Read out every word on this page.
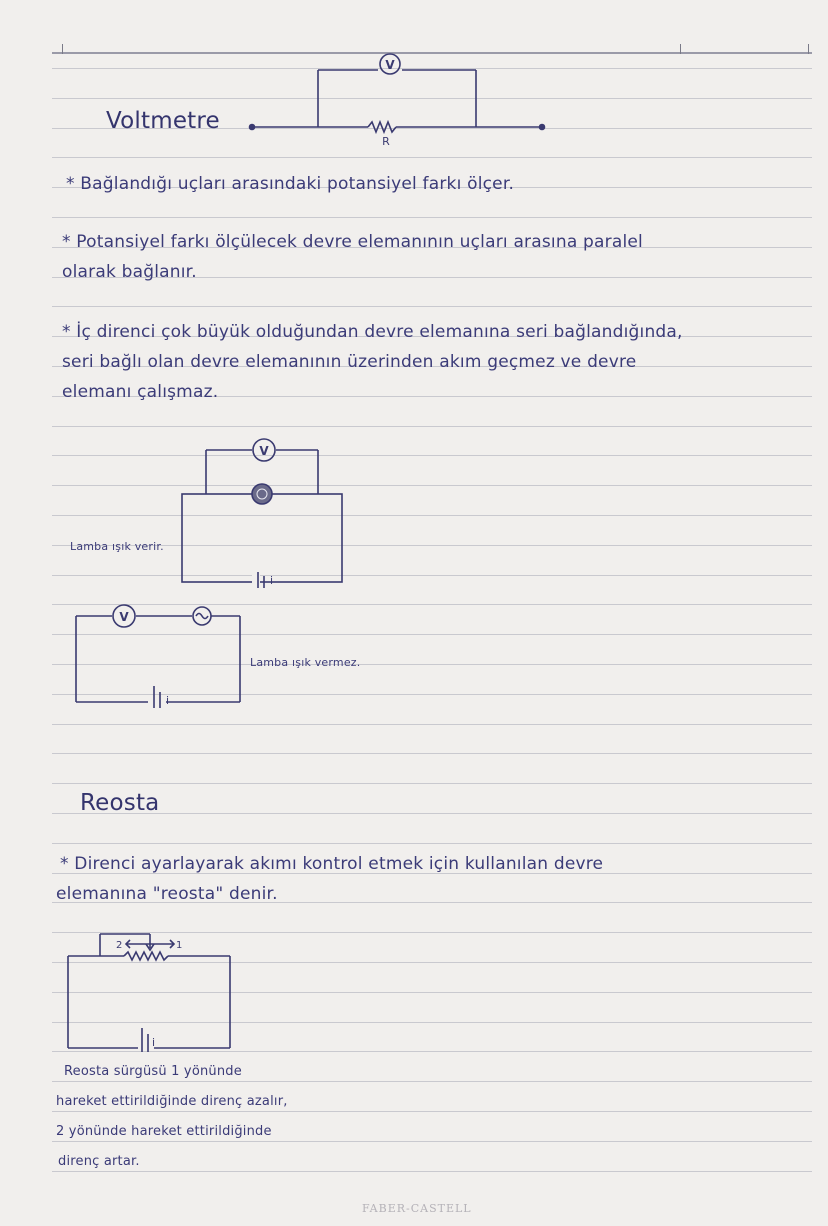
Voltmetre
V
R
* Bağlandığı uçları arasındaki potansiyel farkı ölçer.
* Potansiyel farkı ölçülecek devre elemanının uçları arasına paralel
olarak bağlanır.
* İç direnci çok büyük olduğundan devre elemanına seri bağlandığında,
seri bağlı olan devre elemanının üzerinden akım geçmez ve devre
elemanı çalışmaz.
V
i
Lamba ışık verir.
V
i
Lamba ışık vermez.
Reosta
* Direnci ayarlayarak akımı kontrol etmek için kullanılan devre
elemanına "reosta" denir.
2	1
i
Reosta sürgüsü 1 yönünde
hareket ettirildiğinde direnç azalır,
2 yönünde hareket ettirildiğinde
direnç artar.
FABER-CASTELL
